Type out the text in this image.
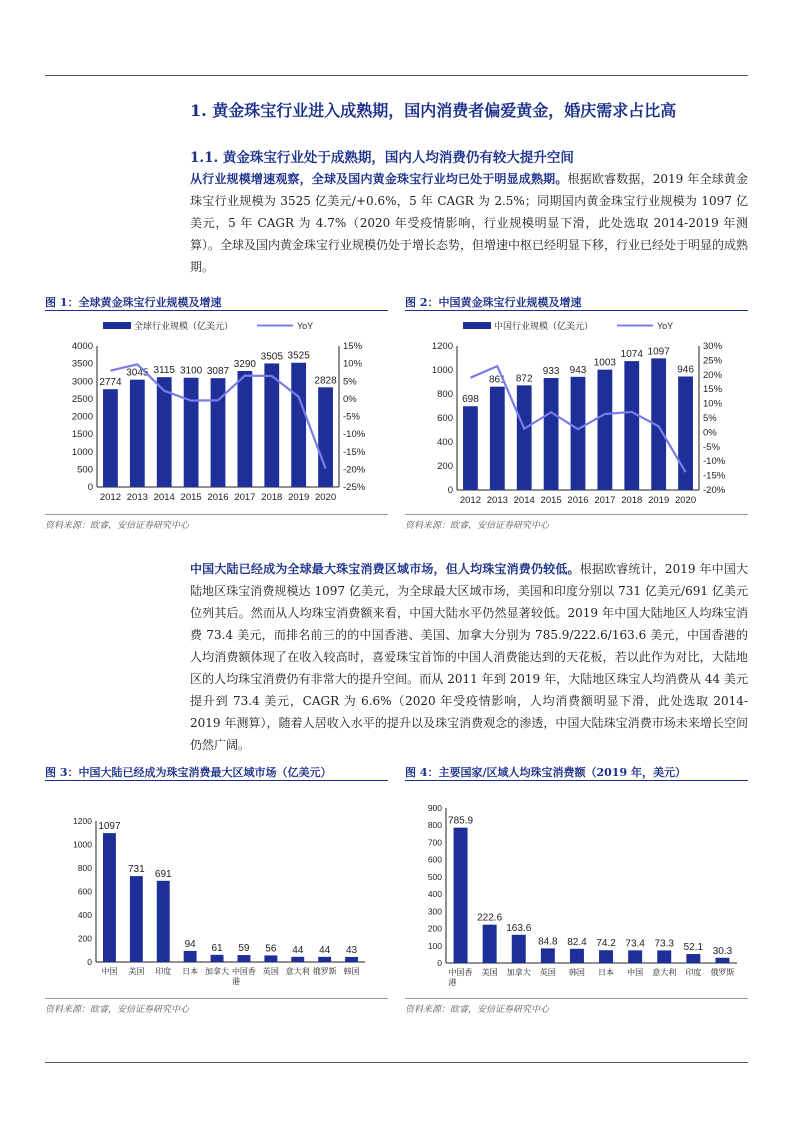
1. 黄金珠宝行业进入成熟期，国内消费者偏爱黄金，婚庆需求占比高
1.1. 黄金珠宝行业处于成熟期，国内人均消费仍有较大提升空间
从行业规模增速观察，全球及国内黄金珠宝行业均已处于明显成熟期。根据欧睿数据，2019 年全球黄金珠宝行业规模为 3525 亿美元/+0.6%，5 年 CAGR 为 2.5%；同期国内黄金珠宝行业规模为 1097 亿美元，5 年 CAGR 为 4.7%（2020 年受疫情影响，行业规模明显下滑，此处选取 2014-2019 年测算）。全球及国内黄金珠宝行业规模仍处于增长态势，但增速中枢已经明显下移，行业已经处于明显的成熟期。
图 1：全球黄金珠宝行业规模及增速
全球行业规模（亿美元）	YoY
0
500
1000
1500
2000
2500
3000
3500
4000	15%
10%
5%
0%
-5%
-10%
-15%
-20%
-25%
2774
2012
3045
2013
3115
2014
3100
2015
3087
2016
3290
2017
3505
2018
3525
2019
2828
2020
资料来源：欧睿，安信证券研究中心
图 2：中国黄金珠宝行业规模及增速
中国行业规模（亿美元）	YoY
0
200
400
600
800
1000
1200	30%
25%
20%
15%
10%
5%
0%
-5%
-10%
-15%
-20%
698
2012
861
2013
872
2014
933
2015
943
2016
1003
2017
1074
2018
1097
2019
946
2020
资料来源：欧睿，安信证券研究中心
中国大陆已经成为全球最大珠宝消费区域市场，但人均珠宝消费仍较低。根据欧睿统计，2019 年中国大陆地区珠宝消费规模达 1097 亿美元，为全球最大区域市场，美国和印度分别以 731 亿美元/691 亿美元位列其后。然而从人均珠宝消费额来看，中国大陆水平仍然显著较低。2019 年中国大陆地区人均珠宝消费 73.4 美元，而排名前三的的中国香港、美国、加拿大分别为 785.9/222.6/163.6 美元，中国香港的人均消费额体现了在收入较高时，喜爱珠宝首饰的中国人消费能达到的天花板，若以此作为对比，大陆地区的人均珠宝消费仍有非常大的提升空间。而从 2011 年到 2019 年，大陆地区珠宝人均消费从 44 美元提升到 73.4 美元，CAGR 为 6.6%（2020 年受疫情影响，人均消费额明显下滑，此处选取 2014-2019 年测算），随着人居收入水平的提升以及珠宝消费观念的渗透，中国大陆珠宝消费市场未来增长空间仍然广阔。
图 3：中国大陆已经成为珠宝消费最大区域市场（亿美元）
0
200
400
600
800
1000
1200
1097
中国
731
美国
691
印度
94
日本
61
加拿大
59
中国香
港
56
英国
44
意大利
44
俄罗斯
43
韩国
资料来源：欧睿，安信证券研究中心
图 4：主要国家/区域人均珠宝消费额（2019 年，美元）
0
100
200
300
400
500
600
700
800
900
785.9
中国香
港
222.6
美国
163.6
加拿大
84.8
英国
82.4
韩国
74.2
日本
73.4
中国
73.3
意大利
52.1
印度
30.3
俄罗斯
资料来源：欧睿，安信证券研究中心
